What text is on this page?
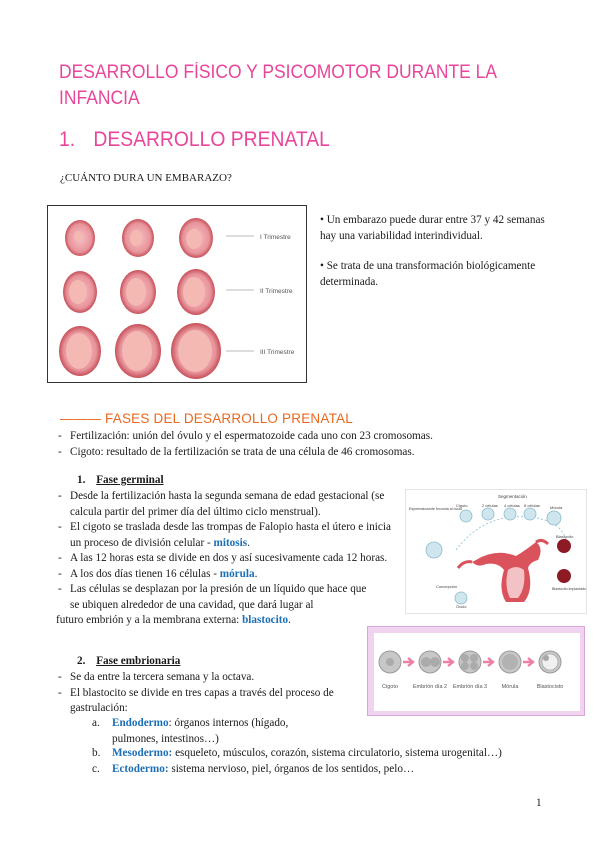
DESARROLLO FÍSICO Y PSICOMOTOR DURANTE LA
INFANCIA
1. DESARROLLO PRENATAL
¿CUÁNTO DURA UN EMBARAZO?
I Trimestre
II Trimestre
III Trimestre
• Un embarazo puede durar entre 37 y 42 semanas hay una variabilidad interindividual.
• Se trata de una transformación biológicamente determinada.
——— FASES DEL DESARROLLO PRENATAL
- Fertilización: unión del óvulo y el espermatozoide cada uno con 23 cromosomas.
- Cigoto: resultado de la fertilización se trata de una célula de 46 cromosomas.
1. Fase germinal
- Desde la fertilización hasta la segunda semana de edad gestacional (se calcula partir del primer día del último ciclo menstrual).
- El cigoto se traslada desde las trompas de Falopio hasta el útero e inicia un proceso de división celular - mitosis.
- A las 12 horas esta se divide en dos y así sucesivamente cada 12 horas.
- A los dos días tienen 16 células - mórula.
- Las células se desplazan por la presión de un líquido que hace que
se ubiquen alrededor de una cavidad, que dará lugar al
futuro embrión y a la membrana externa: blastocito.
Segmentación
Cigoto	2 células 4 células 8 células	Mórula
Blastocito
Espermatozoide fecunda al óvulo
Concepción
Óvulo
Blastocito implantado
Cigoto	Embrión día 2 Embrión día 3	Mórula	Blastocisto
2. Fase embrionaria
- Se da entre la tercera semana y la octava.
- El blastocito se divide en tres capas a través del proceso de gastrulación:
a. Endodermo: órganos internos (hígado, pulmones, intestinos…)
b. Mesodermo: esqueleto, músculos, corazón, sistema circulatorio, sistema urogenital…)
c. Ectodermo: sistema nervioso, piel, órganos de los sentidos, pelo…
1
